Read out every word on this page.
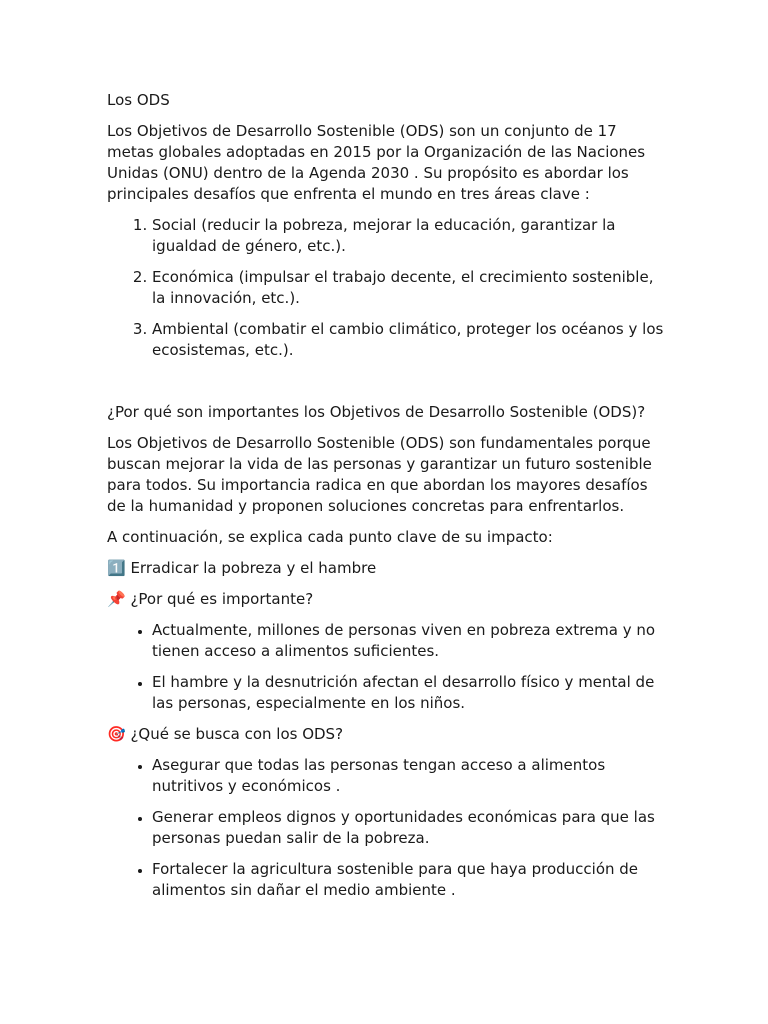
Los ODS

Los Objetivos de Desarrollo Sostenible (ODS) son un conjunto de 17 metas globales adoptadas en 2015 por la Organización de las Naciones Unidas (ONU) dentro de la Agenda 2030 . Su propósito es abordar los principales desafíos que enfrenta el mundo en tres áreas clave :

1. Social (reducir la pobreza, mejorar la educación, garantizar la igualdad de género, etc.).
2. Económica (impulsar el trabajo decente, el crecimiento sostenible, la innovación, etc.).
3. Ambiental (combatir el cambio climático, proteger los océanos y los ecosistemas, etc.).

¿Por qué son importantes los Objetivos de Desarrollo Sostenible (ODS)?

Los Objetivos de Desarrollo Sostenible (ODS) son fundamentales porque buscan mejorar la vida de las personas y garantizar un futuro sostenible para todos. Su importancia radica en que abordan los mayores desafíos de la humanidad y proponen soluciones concretas para enfrentarlos.

A continuación, se explica cada punto clave de su impacto:

1️⃣ Erradicar la pobreza y el hambre

📌 ¿Por qué es importante?

• Actualmente, millones de personas viven en pobreza extrema y no tienen acceso a alimentos suficientes.
• El hambre y la desnutrición afectan el desarrollo físico y mental de las personas, especialmente en los niños.

🎯 ¿Qué se busca con los ODS?

• Asegurar que todas las personas tengan acceso a alimentos nutritivos y económicos .
• Generar empleos dignos y oportunidades económicas para que las personas puedan salir de la pobreza.
• Fortalecer la agricultura sostenible para que haya producción de alimentos sin dañar el medio ambiente .
